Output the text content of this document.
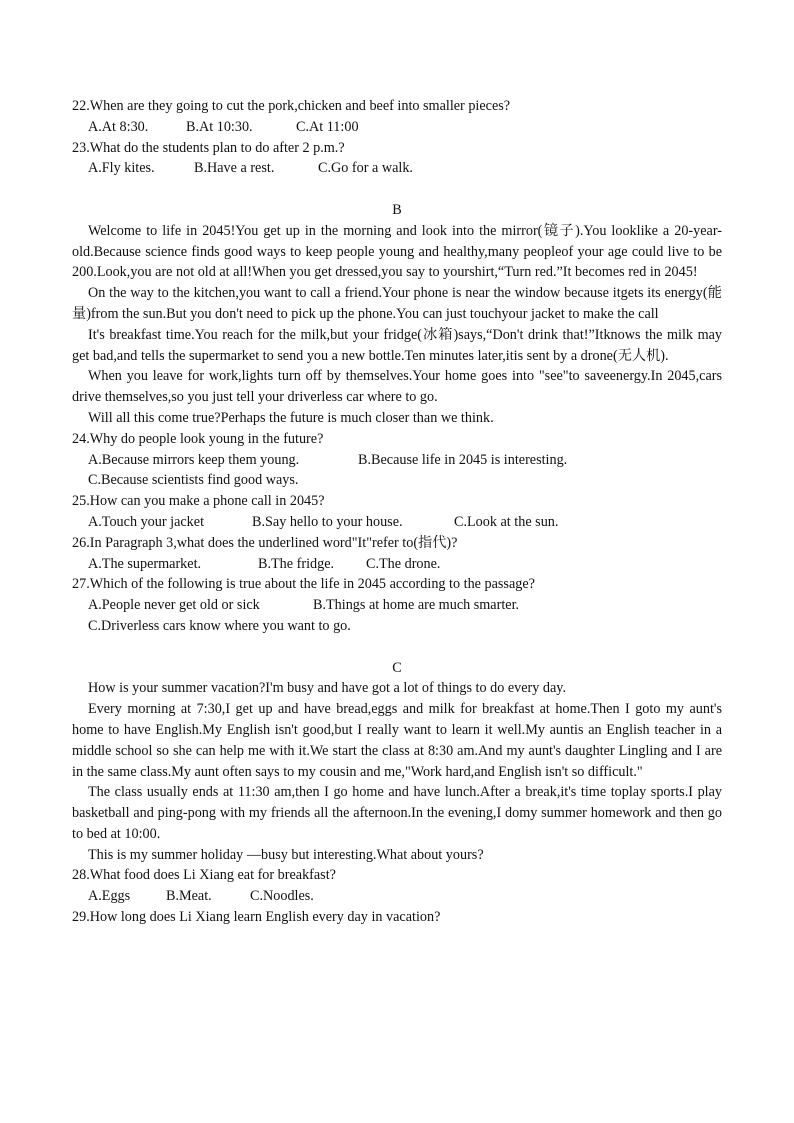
22.When are they going to cut the pork,chicken and beef into smaller pieces?
A.At 8:30.	B.At 10:30.	C.At 11:00
23.What do the students plan to do after 2 p.m.?
A.Fly kites.	B.Have a rest.	C.Go for a walk.
B

Welcome to life in 2045!You get up in the morning and look into the mirror(镜子).You looklike a 20-year-old.Because science finds good ways to keep people young and healthy,many peopleof your age could live to be 200.Look,you are not old at all!When you get dressed,you say to yourshirt,“Turn red.”It becomes red in 2045!

On the way to the kitchen,you want to call a friend.Your phone is near the window because itgets its energy(能量)from the sun.But you don't need to pick up the phone.You can just touchyour jacket to make the call

It's breakfast time.You reach for the milk,but your fridge(冰箱)says,“Don't drink that!”Itknows the milk may get bad,and tells the supermarket to send you a new bottle.Ten minutes later,itis sent by a drone(无人机).

When you leave for work,lights turn off by themselves.Your home goes into "see"to saveenergy.In 2045,cars drive themselves,so you just tell your driverless car where to go.

Will all this come true?Perhaps the future is much closer than we think.

24.Why do people look young in the future?
A.Because mirrors keep them young.	B.Because life in 2045 is interesting.
C.Because scientists find good ways.
25.How can you make a phone call in 2045?
A.Touch your jacket	B.Say hello to your house.	C.Look at the sun.
26.In Paragraph 3,what does the underlined word"It"refer to(指代)?
A.The supermarket.	B.The fridge. C.The drone.
27.Which of the following is true about the life in 2045 according to the passage?
A.People never get old or sick	B.Things at home are much smarter.
C.Driverless cars know where you want to go.
C

How is your summer vacation?I'm busy and have got a lot of things to do every day.

Every morning at 7:30,I get up and have bread,eggs and milk for breakfast at home.Then I goto my aunt's home to have English.My English isn't good,but I really want to learn it well.My auntis an English teacher in a middle school so she can help me with it.We start the class at 8:30 am.And my aunt's daughter Lingling and I are in the same class.My aunt often says to my cousin and me,"Work hard,and English isn't so difficult."

The class usually ends at 11:30 am,then I go home and have lunch.After a break,it's time toplay sports.I play basketball and ping-pong with my friends all the afternoon.In the evening,I domy summer homework and then go to bed at 10:00.

This is my summer holiday —busy but interesting.What about yours?

28.What food does Li Xiang eat for breakfast?
A.Eggs	B.Meat.	C.Noodles.
29.How long does Li Xiang learn English every day in vacation?
